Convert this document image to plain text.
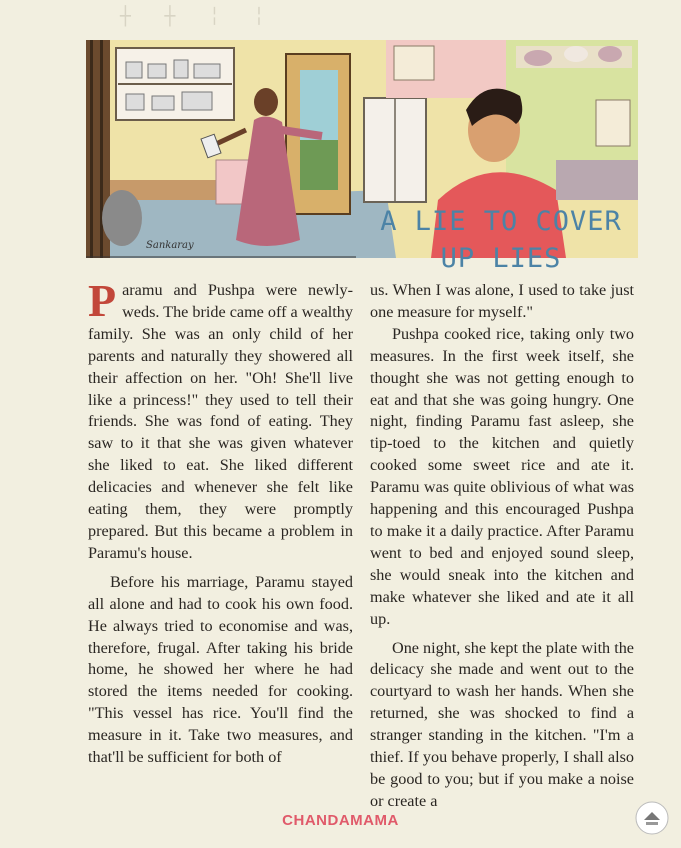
┼ ┼ ╎ ╎
Sankaray
A LIE TO COVER
UP LIES

Paramu and Pushpa were newly-weds. The bride came off a wealthy family. She was an only child of her parents and naturally they showered all their affection on her. "Oh! She'll live like a princess!" they used to tell their friends. She was fond of eating. They saw to it that she was given whatever she liked to eat. She liked different delicacies and whenever she felt like eating them, they were promptly prepared. But this became a problem in Paramu's house.

Before his marriage, Paramu stayed all alone and had to cook his own food. He always tried to economise and was, therefore, frugal. After taking his bride home, he showed her where he had stored the items needed for cooking. "This vessel has rice. You'll find the measure in it. Take two measures, and that'll be sufficient for both of

us. When I was alone, I used to take just one measure for myself."

Pushpa cooked rice, taking only two measures. In the first week itself, she thought she was not getting enough to eat and that she was going hungry. One night, finding Paramu fast asleep, she tip-toed to the kitchen and quietly cooked some sweet rice and ate it. Paramu was quite oblivious of what was happening and this encouraged Pushpa to make it a daily practice. After Paramu went to bed and enjoyed sound sleep, she would sneak into the kitchen and make whatever she liked and ate it all up.

One night, she kept the plate with the delicacy she made and went out to the courtyard to wash her hands. When she returned, she was shocked to find a stranger standing in the kitchen. "I'm a thief. If you behave properly, I shall also be good to you; but if you make a noise or create a

CHANDAMAMA
